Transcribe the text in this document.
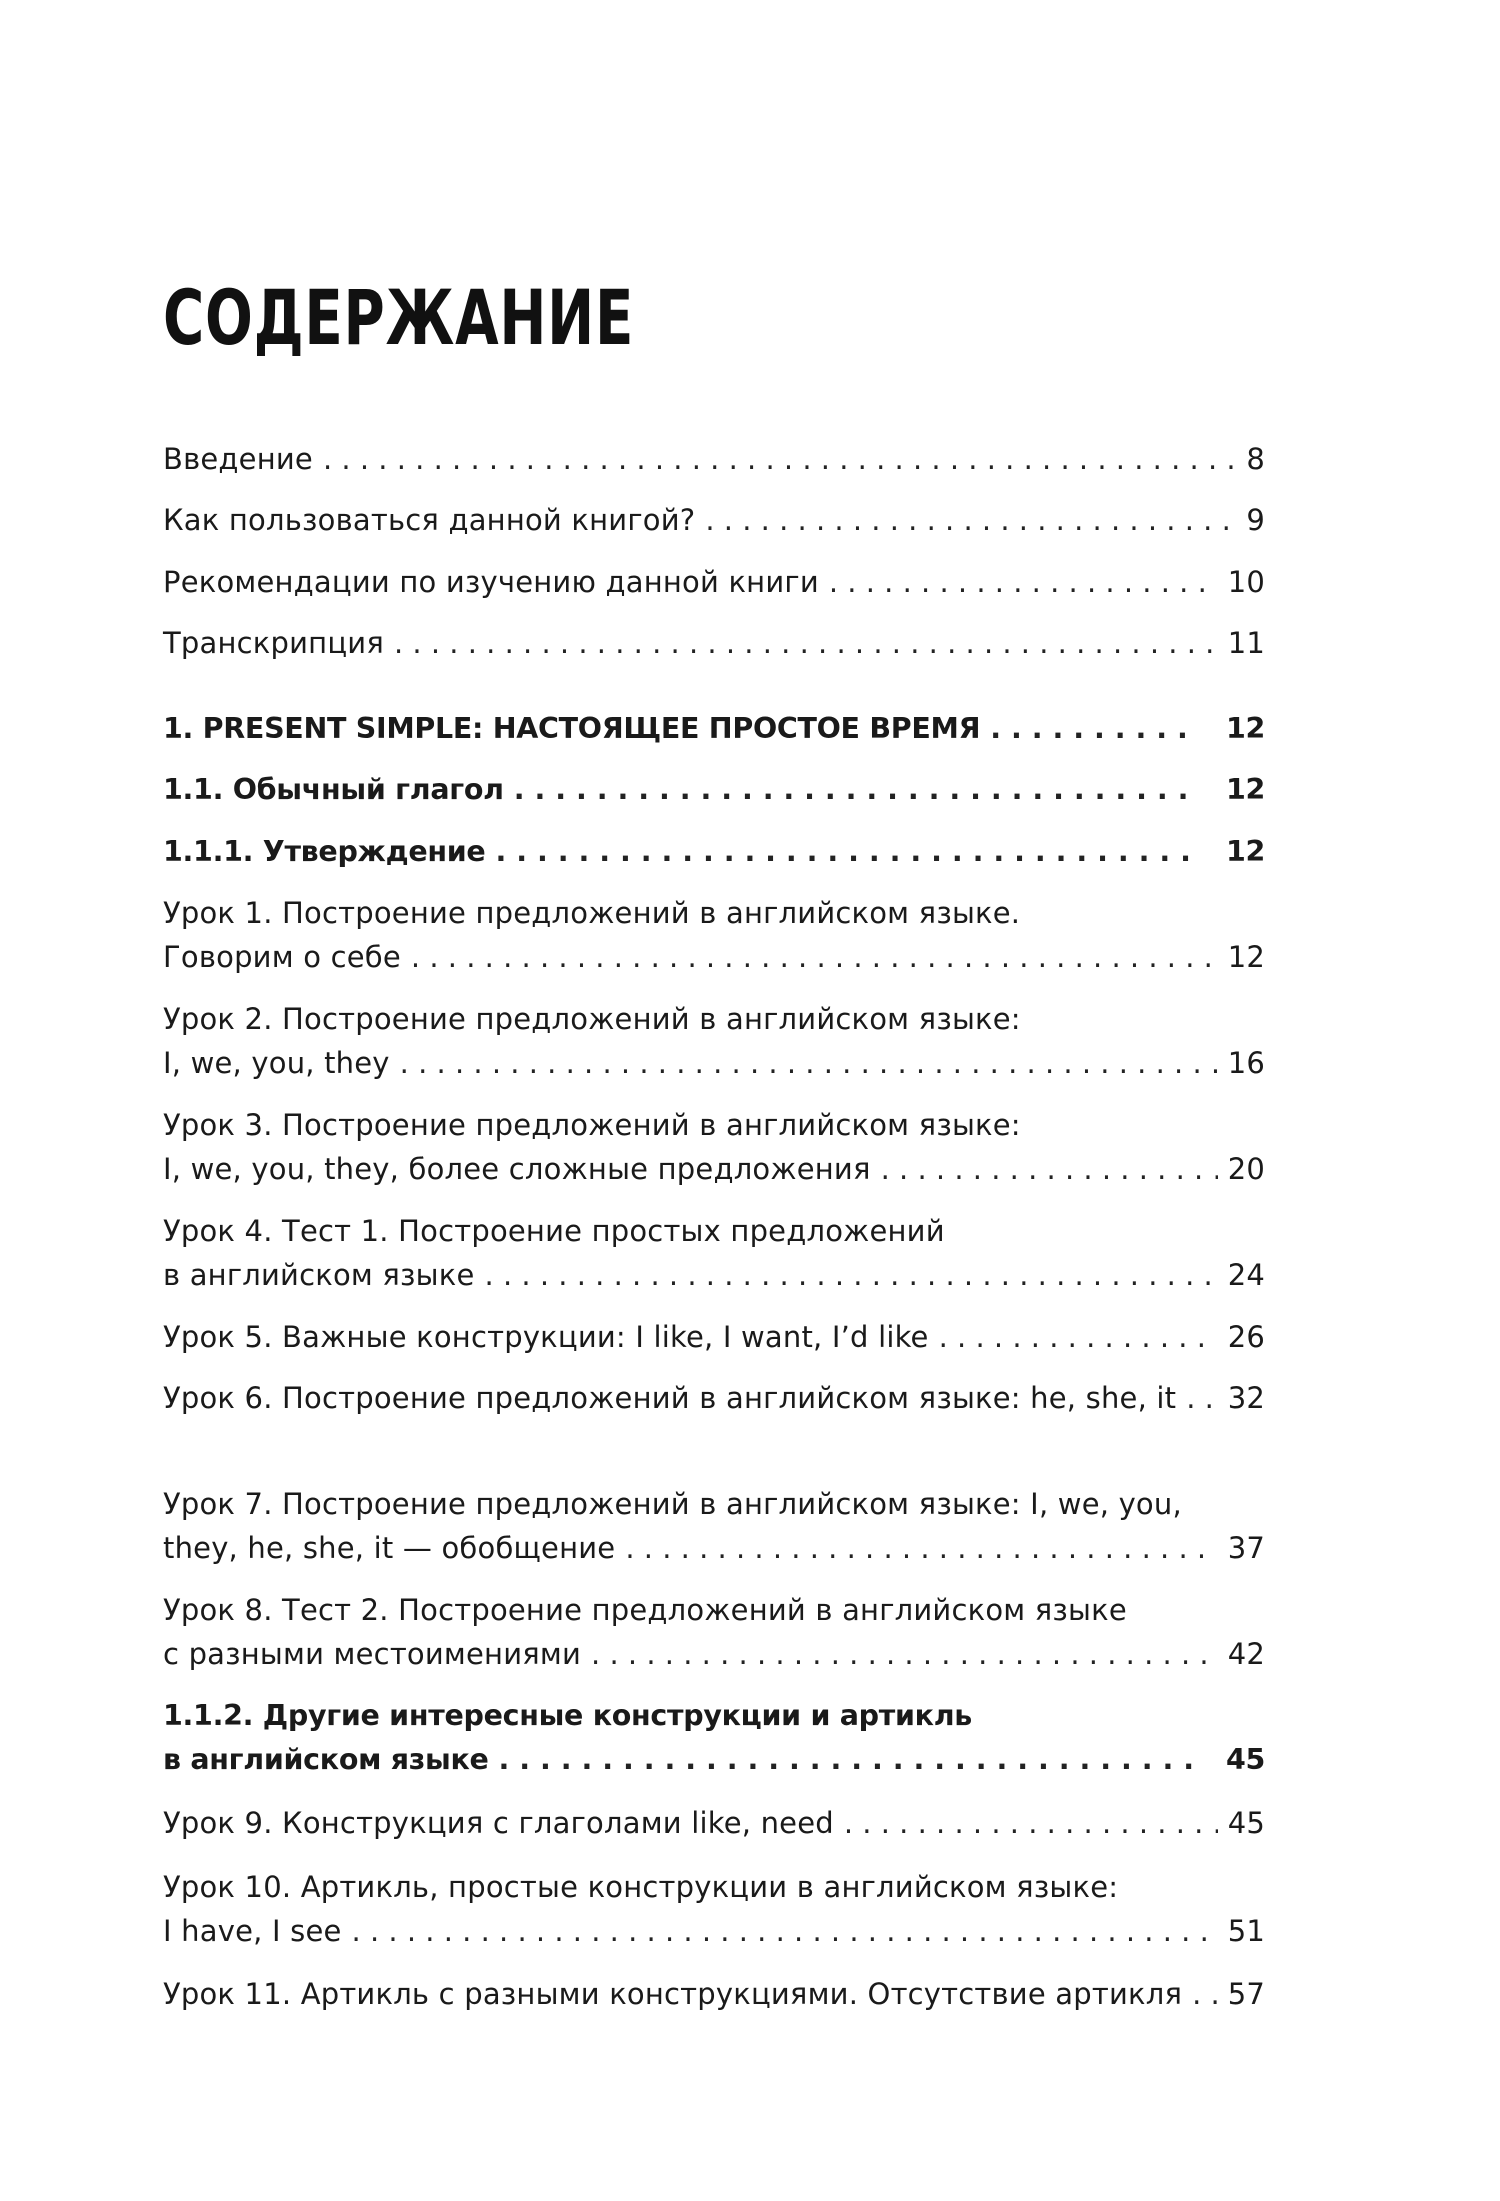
СОДЕРЖАНИЕ
Введение . . .	8
Как пользоваться данной книгой? . . .	9
Рекомендации по изучению данной книги . . .	10
Транскрипция . . .	11
1. PRESENT SIMPLE: НАСТОЯЩЕЕ ПРОСТОЕ ВРЕМЯ . . .	12
1.1. Обычный глагол . . .	12
1.1.1. Утверждение . . .	12
Урок 1. Построение предложений в английском языке.
Говорим о себе . . .	12
Урок 2. Построение предложений в английском языке:
I, we, you, they . . .	16
Урок 3. Построение предложений в английском языке:
I, we, you, they, более сложные предложения . . .	20
Урок 4. Тест 1. Построение простых предложений
в английском языке . . .	24
Урок 5. Важные конструкции: I like, I want, I’d like . . .	26
Урок 6. Построение предложений в английском языке: he, she, it . . . 32
Урок 7. Построение предложений в английском языке: I, we, you,
they, he, she, it — обобщение . . .	37
Урок 8. Тест 2. Построение предложений в английском языке
с разными местоимениями . . .	42
1.1.2. Другие интересные конструкции и артикль
в английском языке . . .	45
Урок 9. Конструкция с глаголами like, need . . .	45
Урок 10. Артикль, простые конструкции в английском языке:
I have, I see . . .	51
Урок 11. Артикль с разными конструкциями. Отсутствие артикля . . . 57
